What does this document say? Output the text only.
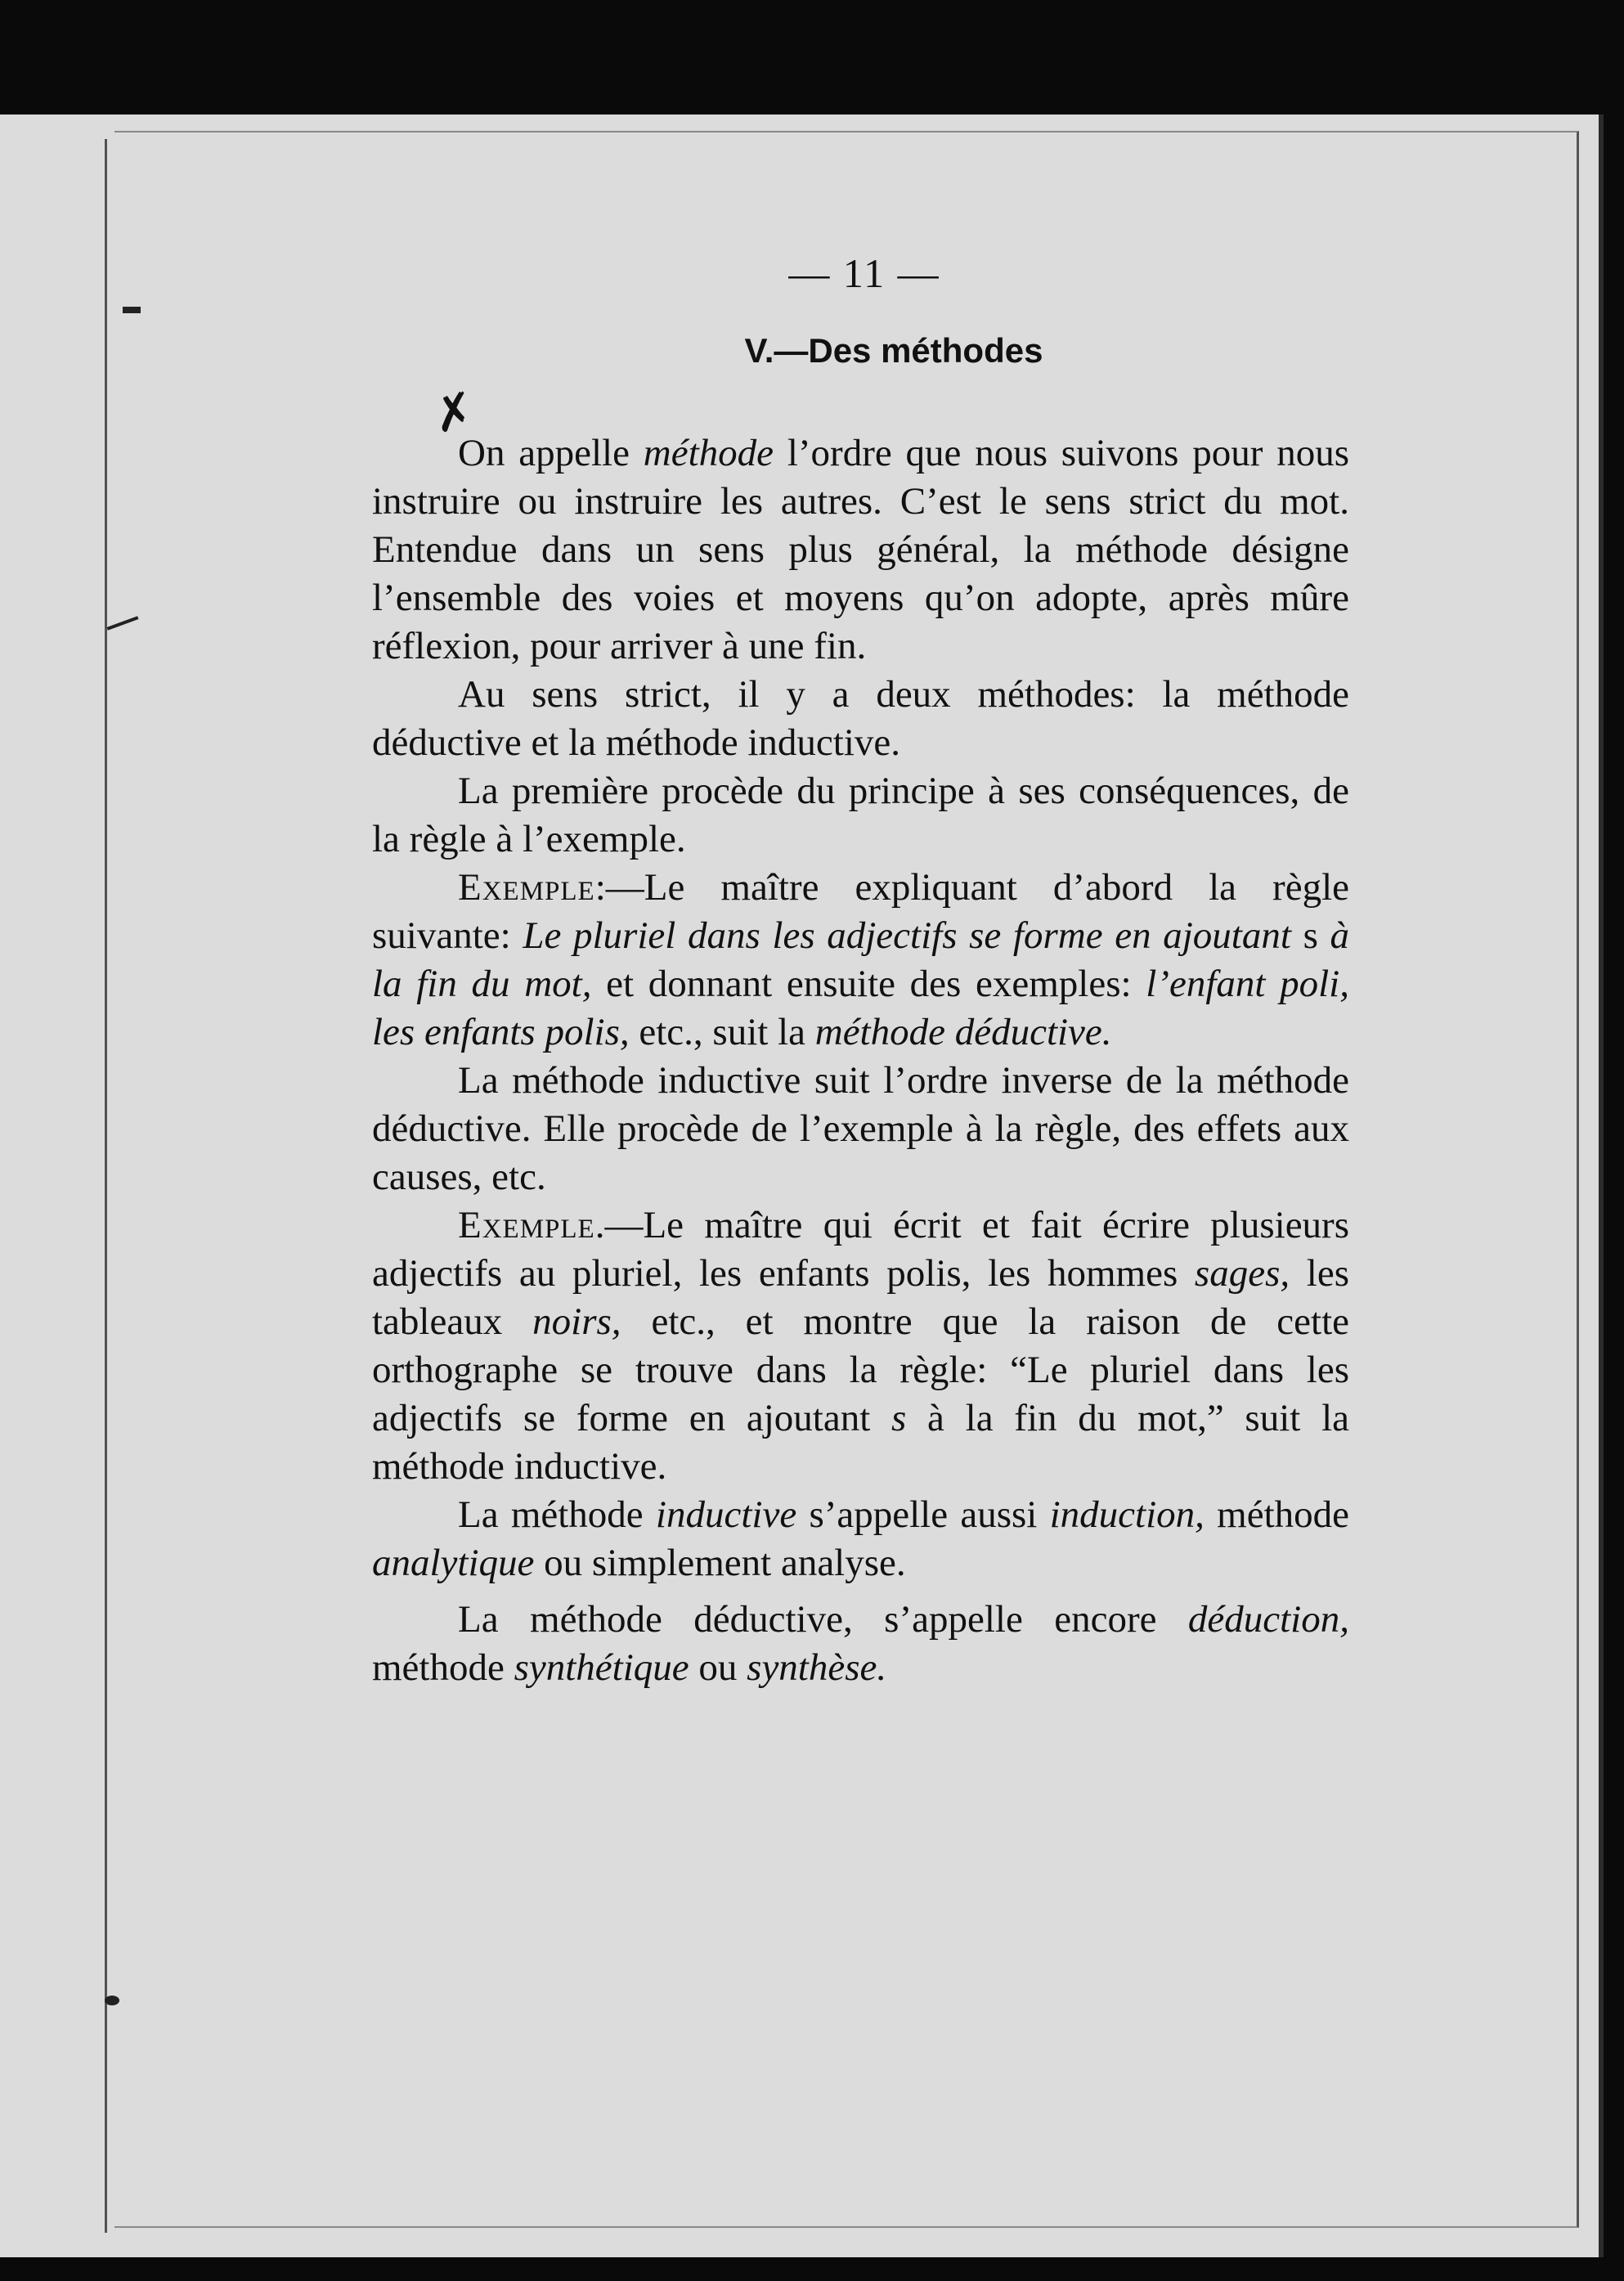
✗
— 11 —
V.—Des méthodes

On appelle méthode l’ordre que nous suivons pour nous instruire ou instruire les autres. C’est le sens strict du mot. Entendue dans un sens plus général, la méthode désigne l’ensemble des voies et moyens qu’on adopte, après mûre réflexion, pour arriver à une fin.

Au sens strict, il y a deux méthodes: la méthode déductive et la méthode inductive.

La première procède du principe à ses conséquences, de la règle à l’exemple.

Exemple:—Le maître expliquant d’abord la règle suivante: Le pluriel dans les adjectifs se forme en ajoutant s à la fin du mot, et donnant ensuite des exemples: l’enfant poli, les enfants polis, etc., suit la méthode déductive.

La méthode inductive suit l’ordre inverse de la méthode déductive. Elle procède de l’exemple à la règle, des effets aux causes, etc.

Exemple.—Le maître qui écrit et fait écrire plusieurs adjectifs au pluriel, les enfants polis, les hommes sages, les tableaux noirs, etc., et montre que la raison de cette orthographe se trouve dans la règle: “Le pluriel dans les adjectifs se forme en ajoutant s à la fin du mot,” suit la méthode inductive.

La méthode inductive s’appelle aussi induction, méthode analytique ou simplement analyse.

La méthode déductive, s’appelle encore déduction, méthode synthétique ou synthèse.
